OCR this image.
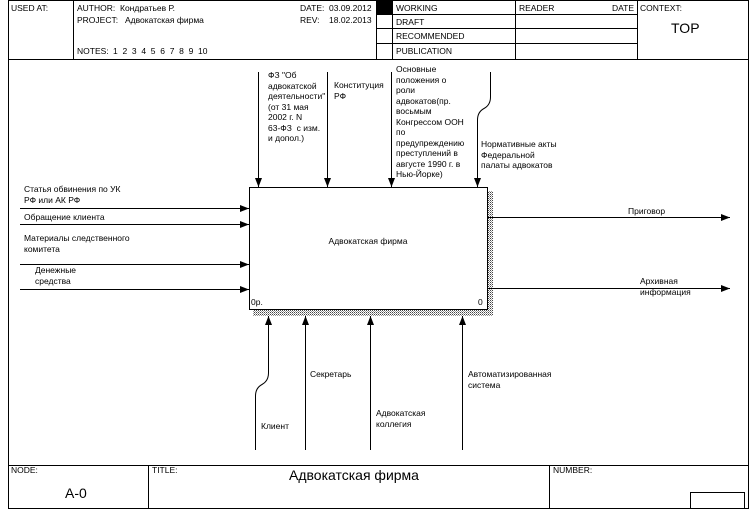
USED AT:	AUTHOR: Кондратьев Р.
PROJECT: Адвокатская фирма
DATE: 03.09.2012
REV: 18.02.2013
NOTES: 1  2  3  4  5  6  7  8  9  10
WORKING
DRAFT
RECOMMENDED
PUBLICATION
READER	DATE CONTEXT:
TOP
Адвокатская фирма
0р.	0
Статья обвинения по УК
РФ или АК РФ
Обращение клиента
Материалы следственного
комитета
Денежные
средства
ФЗ "Об
адвокатской
деятельности"
(от 31 мая
2002 г. N
63-ФЗ  с изм.
и допол.)
Конституция
РФ
Основные
положения о
роли
адвокатов(пр.
восьмым
Конгрессом ООН
по
предупреждению
преступлений в
августе 1990 г. в
Нью-Йорке)
Нормативные акты
Федеральной
палаты адвокатов
Приговор
Архивная
информация
Клиент
Секретарь
Адвокатская
коллегия
Автоматизированная
система
NODE:
A-0
TITLE:	Адвокатская фирма	NUMBER:
